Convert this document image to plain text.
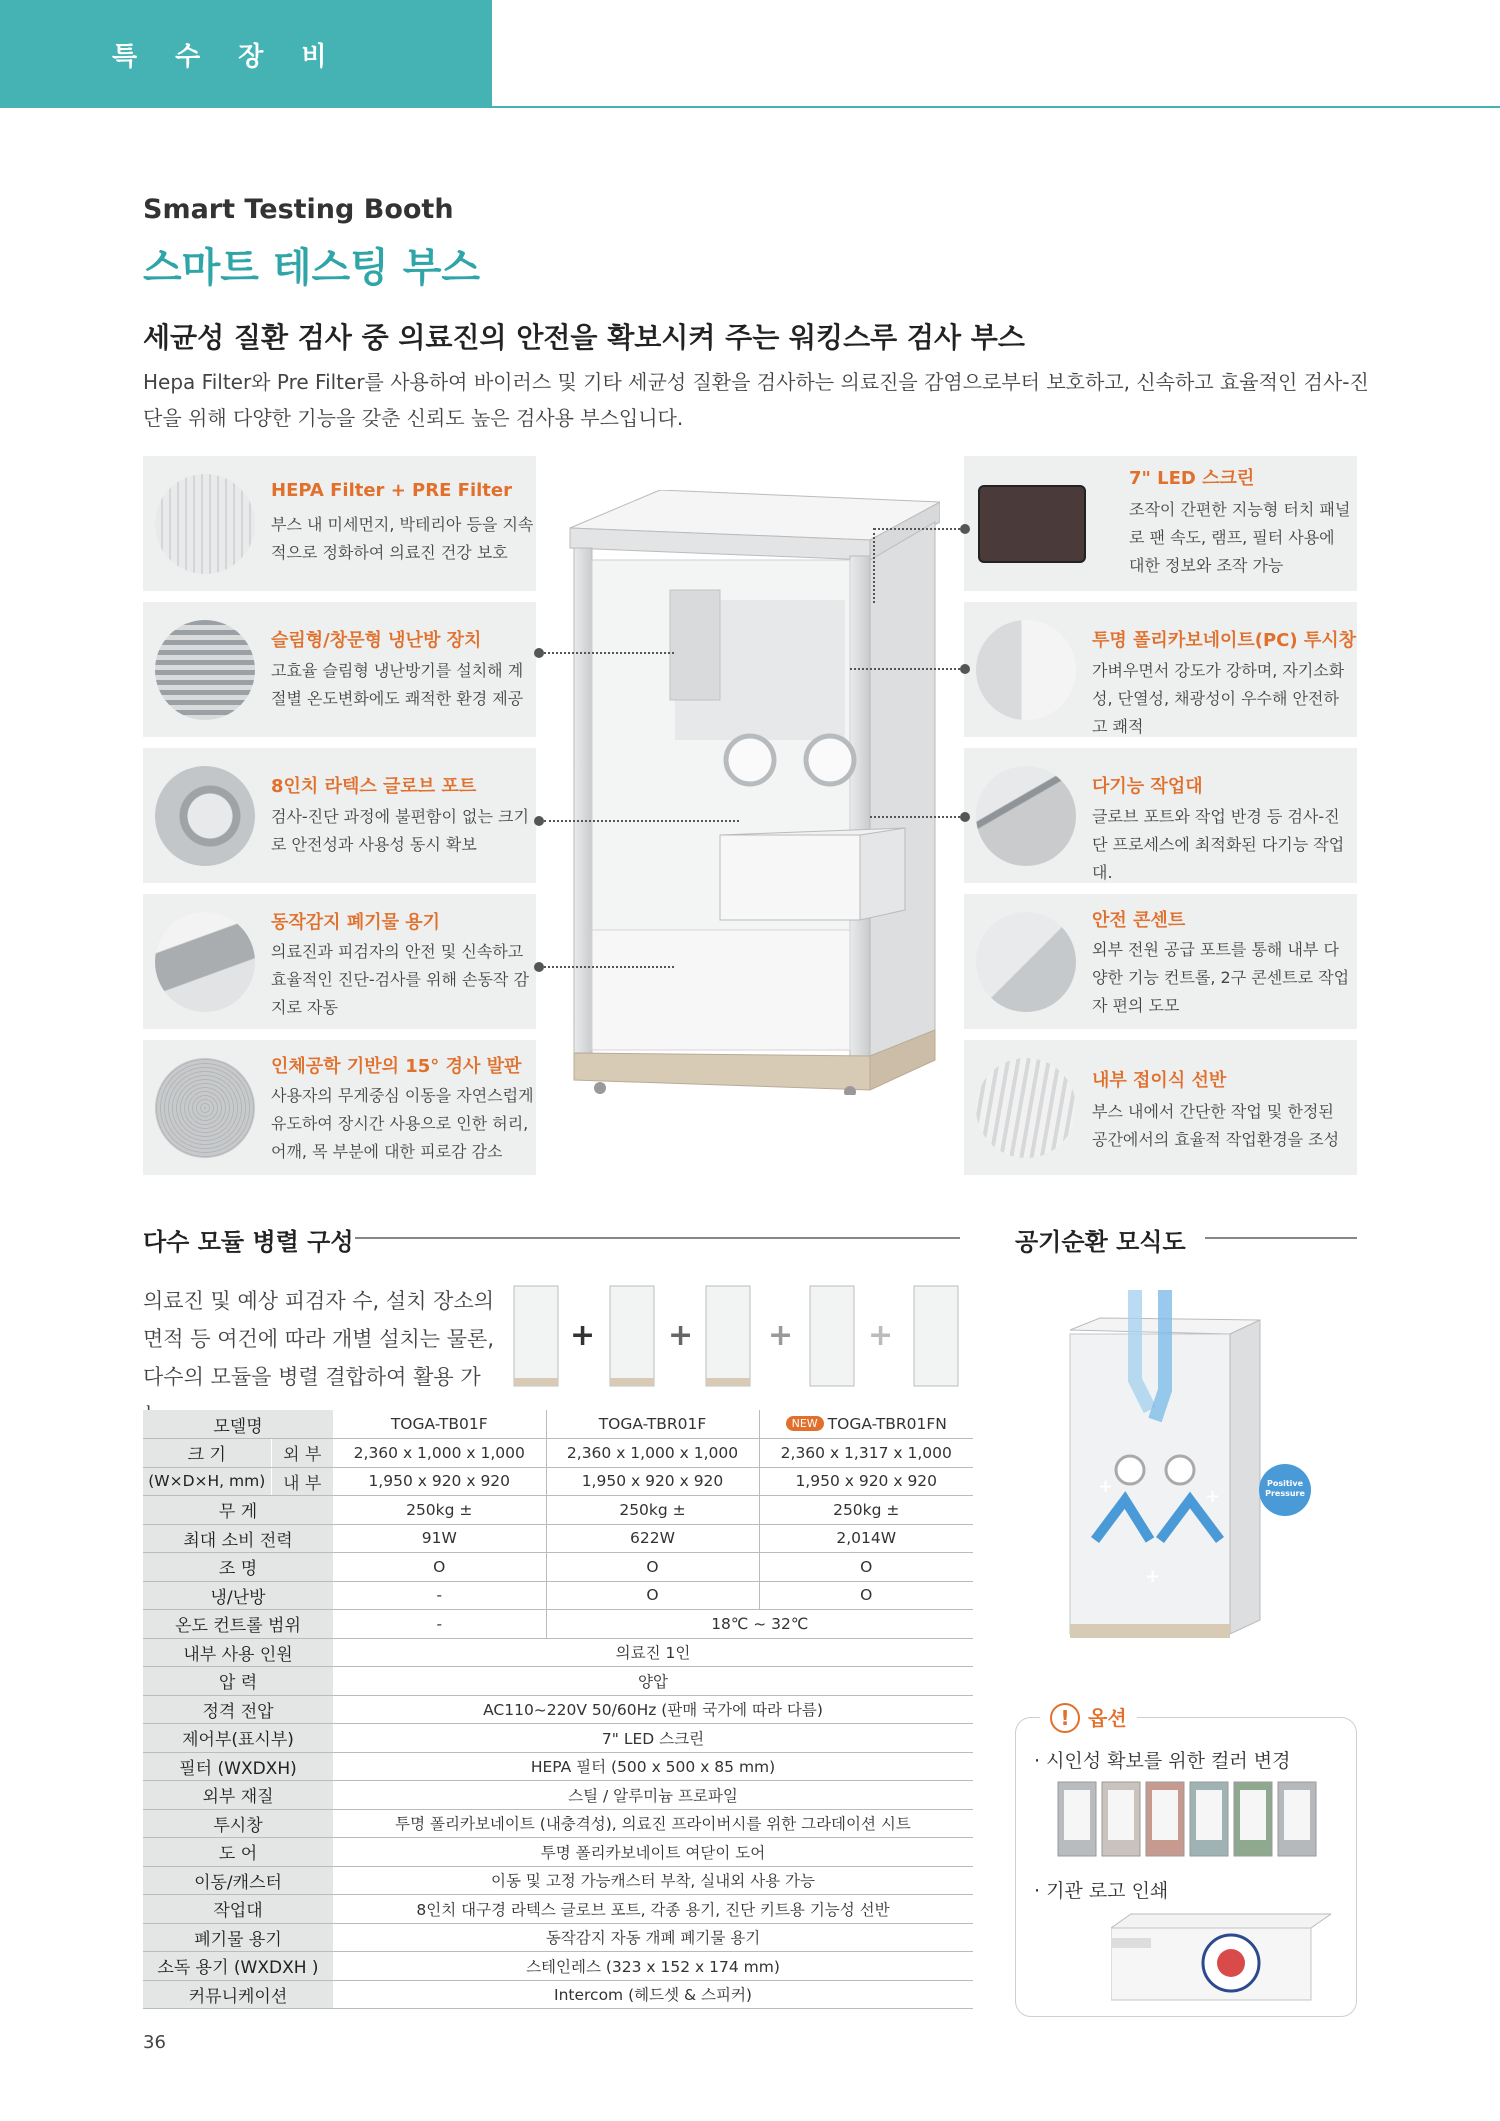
특수장비
Smart Testing Booth
스마트 테스팅 부스
세균성 질환 검사 중 의료진의 안전을 확보시켜 주는 워킹스루 검사 부스
Hepa Filter와 Pre Filter를 사용하여 바이러스 및 기타 세균성 질환을 검사하는 의료진을 감염으로부터 보호하고, 신속하고 효율적인 검사-진단을 위해 다양한 기능을 갖춘 신뢰도 높은 검사용 부스입니다.
HEPA Filter + PRE Filter

부스 내 미세먼지, 박테리아 등을 지속적으로 정화하여 의료진 건강 보호

슬림형/창문형 냉난방 장치

고효율 슬림형 냉난방기를 설치해 계절별 온도변화에도 쾌적한 환경 제공

8인치 라텍스 글로브 포트

검사-진단 과정에 불편함이 없는 크기로 안전성과 사용성 동시 확보

동작감지 폐기물 용기

의료진과 피검자의 안전 및 신속하고 효율적인 진단-검사를 위해 손동작 감지로 자동

인체공학 기반의 15° 경사 발판

사용자의 무게중심 이동을 자연스럽게 유도하여 장시간 사용으로 인한 허리, 어깨, 목 부분에 대한 피로감 감소

7" LED 스크린

조작이 간편한 지능형 터치 패널로 팬 속도, 램프, 필터 사용에 대한 정보와 조작 가능

투명 폴리카보네이트(PC) 투시창

가벼우면서 강도가 강하며, 자기소화성, 단열성, 채광성이 우수해 안전하고 쾌적

다기능 작업대

글로브 포트와 작업 반경 등 검사-진단 프로세스에 최적화된 다기능 작업대.

안전 콘센트

외부 전원 공급 포트를 통해 내부 다양한 기능 컨트롤, 2구 콘센트로 작업자 편의 도모

내부 접이식 선반

부스 내에서 간단한 작업 및 한정된 공간에서의 효율적 작업환경을 조성

다수 모듈 병렬 구성
의료진 및 예상 피검자 수, 설치 장소의 면적 등 여건에 따라 개별 설치는 물론, 다수의 모듈을 병렬 결합하여 활용 가
+ + + +
모델명		TOGA-TB01F	TOGA-TBR01F	NEW TOGA-TBR01FN
크 기	외 부	2,360 x 1,000 x 1,000	2,360 x 1,000 x 1,000	2,360 x 1,317 x 1,000
(W×D×H, mm)	내 부	1,950 x 920 x 920	1,950 x 920 x 920	1,950 x 920 x 920
무 게		250kg ±	250kg ±	250kg ±
최대 소비 전력		91W	622W	2,014W
조 명		O	O	O
냉/난방		-	O	O
온도 컨트롤 범위		-	18℃ ~ 32℃	
내부 사용 인원		의료진 1인		
압 력		양압		
정격 전압		AC110~220V 50/60Hz (판매 국가에 따라 다름)		
제어부(표시부)		7" LED 스크린		
필터 (WXDXH)		HEPA 필터 (500 x 500 x 85 mm)		
외부 재질		스틸 / 알루미늄 프로파일		
투시창		투명 폴리카보네이트 (내충격성), 의료진 프라이버시를 위한 그라데이션 시트		
도 어		투명 폴리카보네이트 여닫이 도어		
이동/캐스터		이동 및 고정 가능캐스터 부착, 실내외 사용 가능		
작업대		8인치 대구경 라텍스 글로브 포트, 각종 용기, 진단 키트용 기능성 선반		
폐기물 용기		동작감지 자동 개폐 폐기물 용기		
소독 용기 (WXDXH )		스테인레스 (323 x 152 x 174 mm)		
커뮤니케이션		Intercom (헤드셋 & 스피커)		
공기순환 모식도
+	+
+
Positive Pressure
! 옵션
· 시인성 확보를 위한 컬러 변경
· 기관 로고 인쇄
36
